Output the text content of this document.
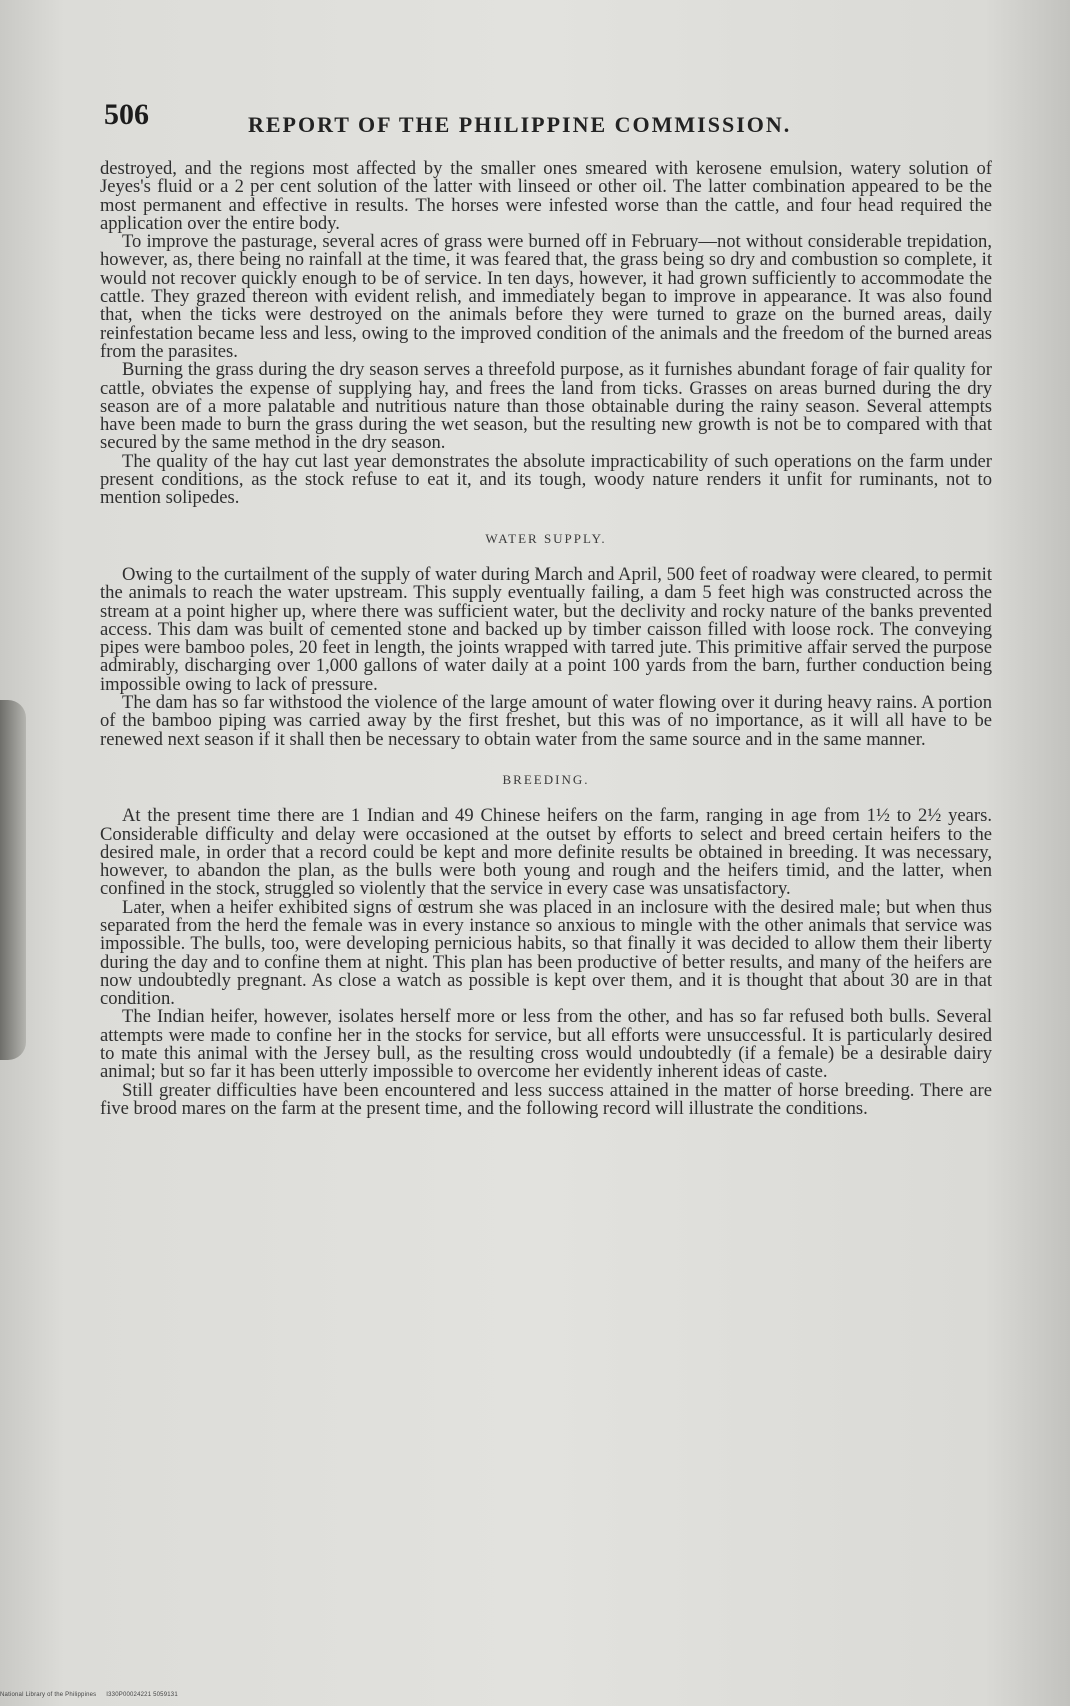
506	REPORT OF THE PHILIPPINE COMMISSION.

destroyed, and the regions most affected by the smaller ones smeared with kerosene emulsion, watery solution of Jeyes's fluid or a 2 per cent solution of the latter with linseed or other oil. The latter combination appeared to be the most permanent and effective in results. The horses were infested worse than the cattle, and four head required the application over the entire body.

To improve the pasturage, several acres of grass were burned off in February—not without considerable trepidation, however, as, there being no rainfall at the time, it was feared that, the grass being so dry and combustion so complete, it would not recover quickly enough to be of service. In ten days, however, it had grown sufficiently to accommodate the cattle. They grazed thereon with evident relish, and immediately began to improve in appearance. It was also found that, when the ticks were destroyed on the animals before they were turned to graze on the burned areas, daily reinfestation became less and less, owing to the improved condition of the animals and the freedom of the burned areas from the parasites.

Burning the grass during the dry season serves a threefold purpose, as it furnishes abundant forage of fair quality for cattle, obviates the expense of supplying hay, and frees the land from ticks. Grasses on areas burned during the dry season are of a more palatable and nutritious nature than those obtainable during the rainy season. Several attempts have been made to burn the grass during the wet season, but the resulting new growth is not be to compared with that secured by the same method in the dry season.

The quality of the hay cut last year demonstrates the absolute impracticability of such operations on the farm under present conditions, as the stock refuse to eat it, and its tough, woody nature renders it unfit for ruminants, not to mention solipedes.

WATER SUPPLY.

Owing to the curtailment of the supply of water during March and April, 500 feet of roadway were cleared, to permit the animals to reach the water upstream. This supply eventually failing, a dam 5 feet high was constructed across the stream at a point higher up, where there was sufficient water, but the declivity and rocky nature of the banks prevented access. This dam was built of cemented stone and backed up by timber caisson filled with loose rock. The conveying pipes were bamboo poles, 20 feet in length, the joints wrapped with tarred jute. This primitive affair served the purpose admirably, discharging over 1,000 gallons of water daily at a point 100 yards from the barn, further conduction being impossible owing to lack of pressure.

The dam has so far withstood the violence of the large amount of water flowing over it during heavy rains. A portion of the bamboo piping was carried away by the first freshet, but this was of no importance, as it will all have to be renewed next season if it shall then be necessary to obtain water from the same source and in the same manner.

BREEDING.

At the present time there are 1 Indian and 49 Chinese heifers on the farm, ranging in age from 1½ to 2½ years. Considerable difficulty and delay were occasioned at the outset by efforts to select and breed certain heifers to the desired male, in order that a record could be kept and more definite results be obtained in breeding. It was necessary, however, to abandon the plan, as the bulls were both young and rough and the heifers timid, and the latter, when confined in the stock, struggled so violently that the service in every case was unsatisfactory.

Later, when a heifer exhibited signs of œstrum she was placed in an inclosure with the desired male; but when thus separated from the herd the female was in every instance so anxious to mingle with the other animals that service was impossible. The bulls, too, were developing pernicious habits, so that finally it was decided to allow them their liberty during the day and to confine them at night. This plan has been productive of better results, and many of the heifers are now undoubtedly pregnant. As close a watch as possible is kept over them, and it is thought that about 30 are in that condition.

The Indian heifer, however, isolates herself more or less from the other, and has so far refused both bulls. Several attempts were made to confine her in the stocks for service, but all efforts were unsuccessful. It is particularly desired to mate this animal with the Jersey bull, as the resulting cross would undoubtedly (if a female) be a desirable dairy animal; but so far it has been utterly impossible to overcome her evidently inherent ideas of caste.

Still greater difficulties have been encountered and less success attained in the matter of horse breeding. There are five brood mares on the farm at the present time, and the following record will illustrate the conditions.

National Library of the Philippines I330P00024221 5059131
